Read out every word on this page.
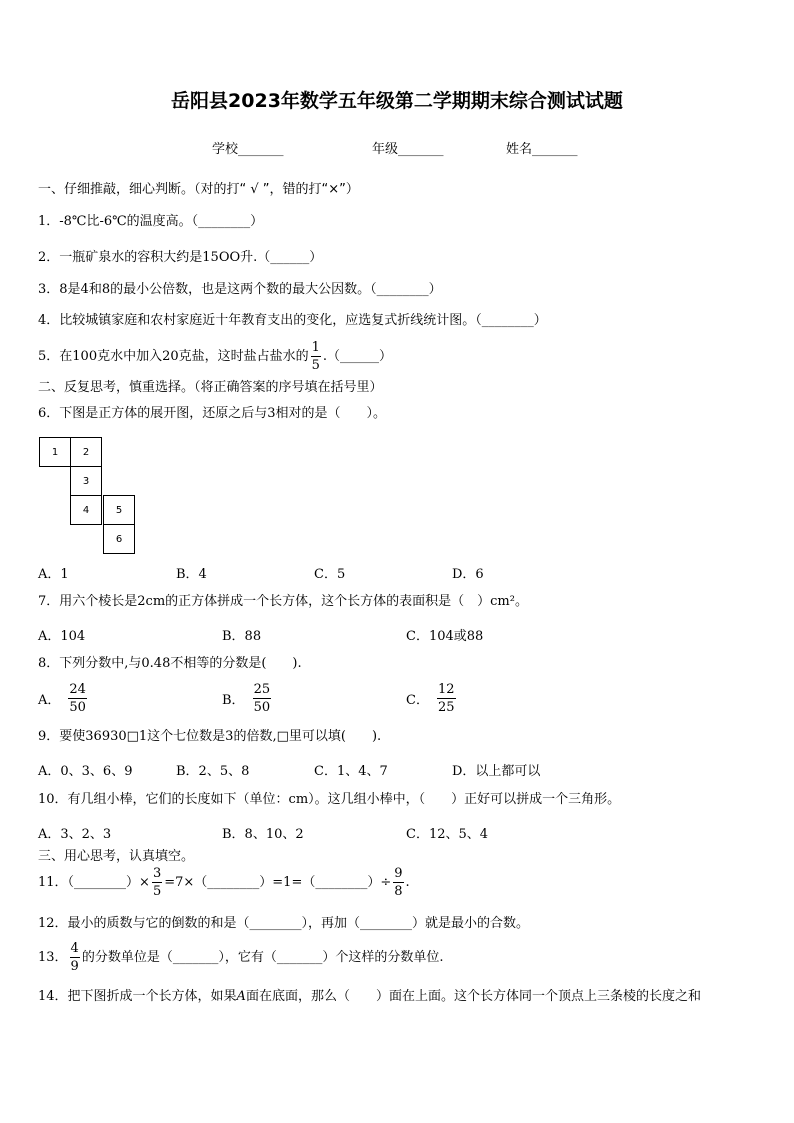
岳阳县2023年数学五年级第二学期期末综合测试试题
学校_______	年级_______	姓名_______
一、仔细推敲，细心判断。（对的打“ √ ”，错的打“×”）
1．-8℃比-6℃的温度高。（________）
2．一瓶矿泉水的容积大约是15OO升.（______）
3．8是4和8的最小公倍数，也是这两个数的最大公因数。（________）
4．比较城镇家庭和农村家庭近十年教育支出的变化，应选复式折线统计图。（________）
5．在100克水中加入20克盐，这时盐占盐水的 $\frac{1}{5}$ .（______）
二、反复思考，慎重选择。（将正确答案的序号填在括号里）
6．下图是正方体的展开图，还原之后与3相对的是（　　）。
1	2
3
4	5
6
A．1	B．4	C．5	D．6
7．用六个棱长是2cm的正方体拼成一个长方体，这个长方体的表面积是（　）cm²。
A．104	B．88	C．104或88
8．下列分数中,与0.48不相等的分数是(　　).
A． $\frac{24}{50}$	B． $\frac{25}{50}$	C． $\frac{12}{25}$
9．要使36930□1这个七位数是3的倍数,□里可以填(　　).
A．0、3、6、9	B．2、5、8	C．1、4、7	D．以上都可以
10．有几组小棒，它们的长度如下（单位：cm）。这几组小棒中，（　　）正好可以拼成一个三角形。
A．3、2、3	B．8、10、2	C．12、5、4
三、用心思考，认真填空。
11．（________）× $\frac{3}{5}$ =7×（________）=1=（________）÷ $\frac{9}{8}$ .
12．最小的质数与它的倒数的和是（________），再加（________）就是最小的合数。
13． $\frac{4}{9}$ 的分数单位是（_______），它有（_______）个这样的分数单位.
14．把下图折成一个长方体，如果A面在底面，那么（　　）面在上面。这个长方体同一个顶点上三条棱的长度之和
